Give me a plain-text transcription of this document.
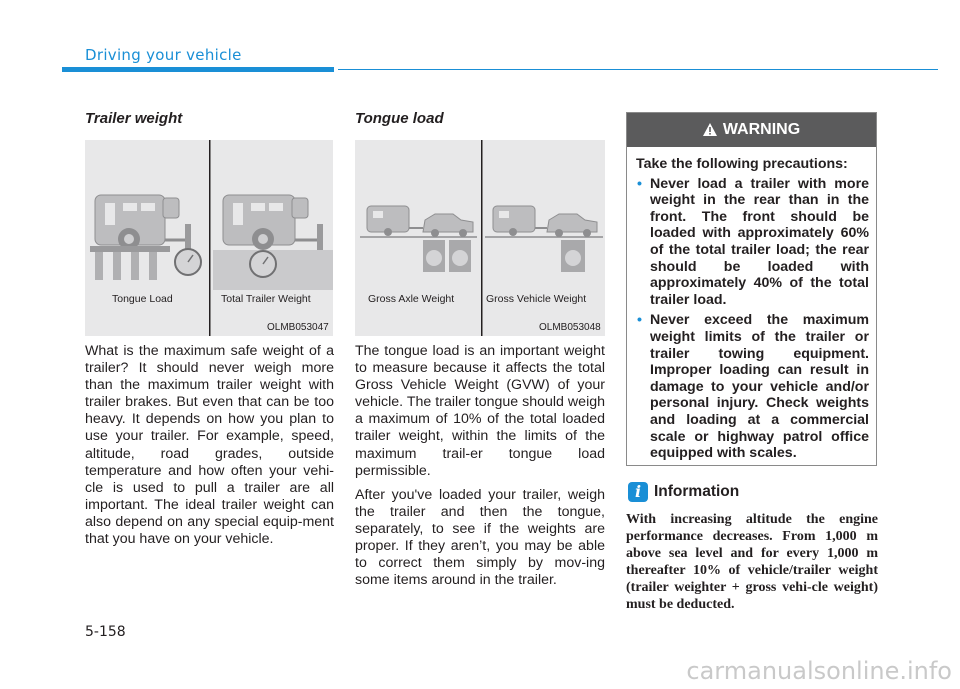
Driving your vehicle
Trailer weight
Tongue Load	Total Trailer Weight
OLMB053047

What is the maximum safe weight of a trailer? It should never weigh more than the maximum trailer weight with trailer brakes. But even that can be too heavy. It depends on how you plan to use your trailer. For example, speed, altitude, road grades, outside temperature and how often your vehi-cle is used to pull a trailer are all important. The ideal trailer weight can also depend on any special equip-ment that you have on your vehicle.

Tongue load
Gross Axle Weight	Gross Vehicle Weight
OLMB053048

The tongue load is an important weight to measure because it affects the total Gross Vehicle Weight (GVW) of your vehicle. The trailer tongue should weigh a maximum of 10% of the total loaded trailer weight, within the limits of the maximum trail-er tongue load permissible.

After you've loaded your trailer, weigh the trailer and then the tongue, separately, to see if the weights are proper. If they aren’t, you may be able to correct them simply by mov-ing some items around in the trailer.

WARNING
Take the following precautions:
• Never load a trailer with more weight in the rear than in the front. The front should be loaded with approximately 60% of the total trailer load; the rear should be loaded with approximately 40% of the total trailer load.
• Never exceed the maximum weight limits of the trailer or trailer towing equipment. Improper loading can result in damage to your vehicle and/or personal injury. Check weights and loading at a commercial scale or highway patrol office equipped with scales.
i Information
With increasing altitude the engine performance decreases. From 1,000 m above sea level and for every 1,000 m thereafter 10% of vehicle/trailer weight (trailer weighter + gross vehi-cle weight) must be deducted.
5-158
carmanualsonline.info
